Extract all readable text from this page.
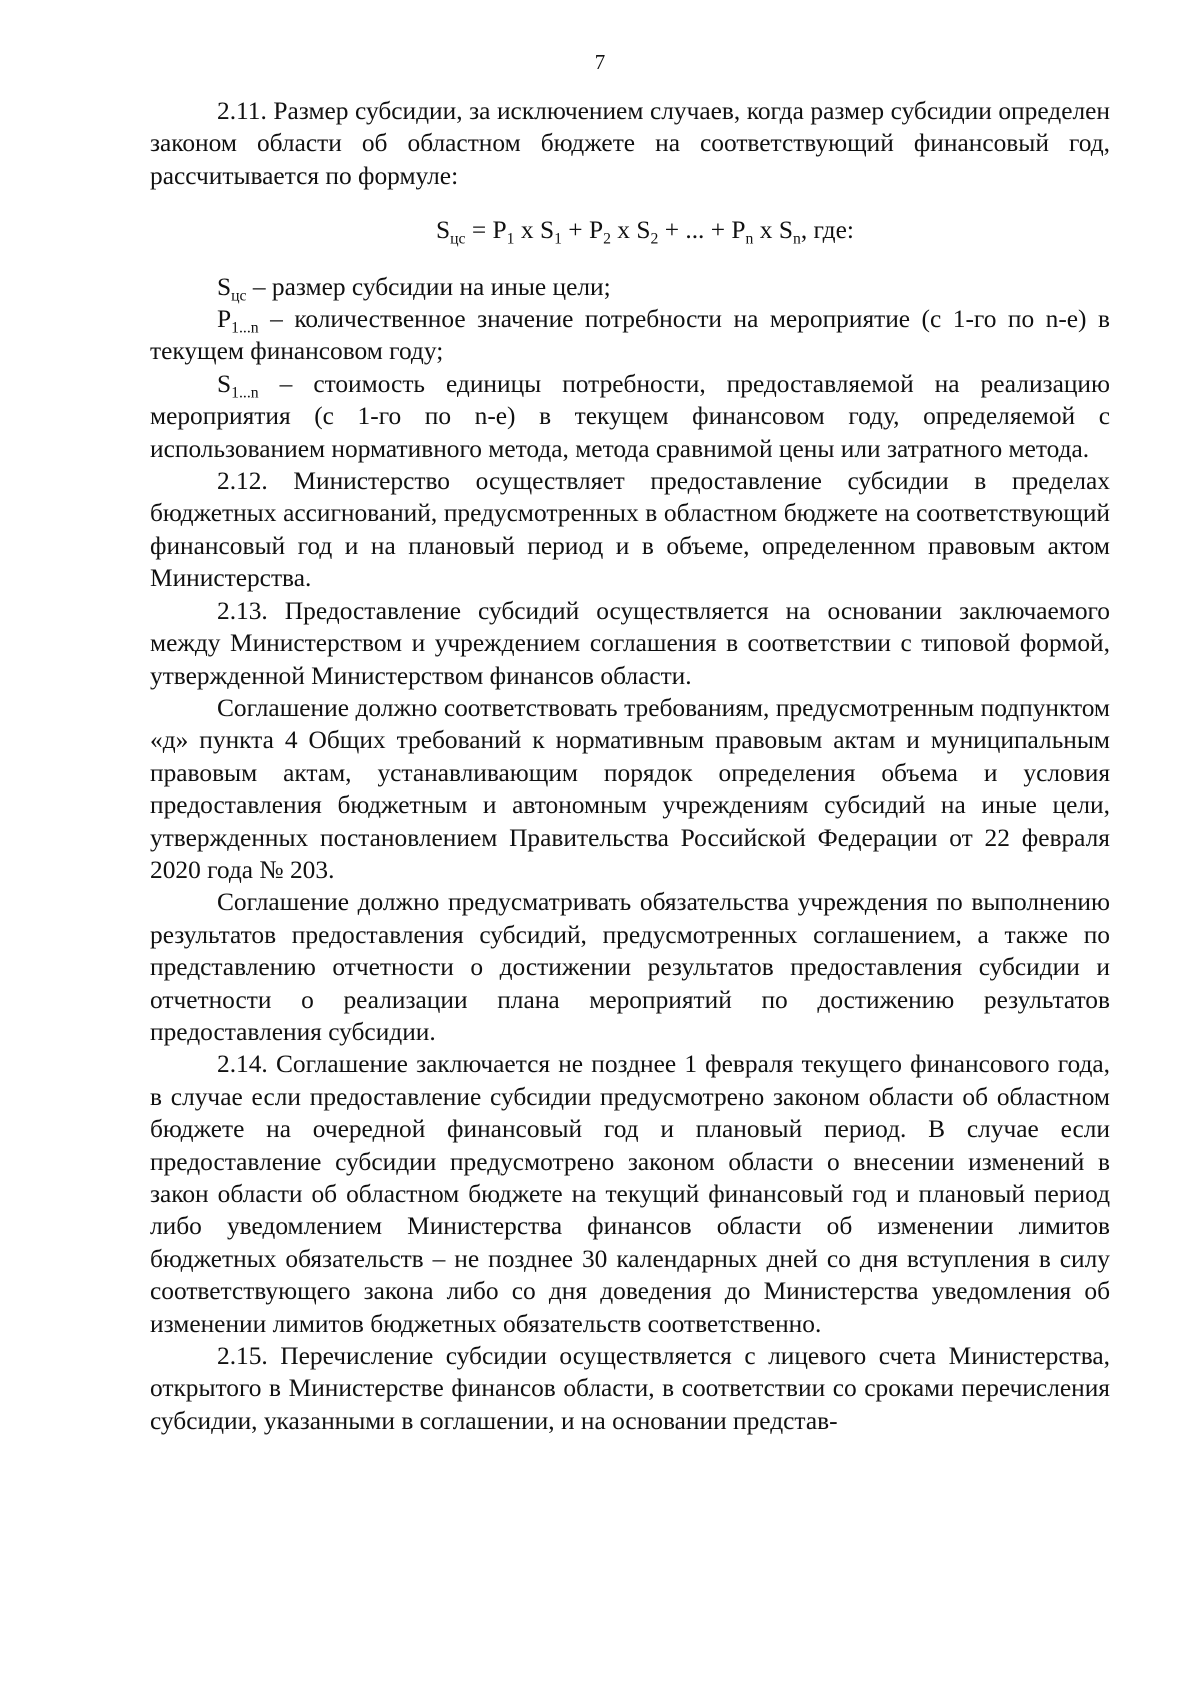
7

2.11. Размер субсидии, за исключением случаев, когда размер субсидии определен законом области об областном бюджете на соответствующий финансовый год, рассчитывается по формуле:

$S_{цс} = P_1$ x $S_1 + P_2$ x $S_2$ + ... + $P_n$ x $S_n$, где:

$S_{цс}$ – размер субсидии на иные цели;

$P_{1...n}$ – количественное значение потребности на мероприятие (с 1-го по n-е) в текущем финансовом году;

$S_{1...n}$ – стоимость единицы потребности, предоставляемой на реализацию мероприятия (с 1-го по n-е) в текущем финансовом году, определяемой с использованием нормативного метода, метода сравнимой цены или затратного метода.

2.12. Министерство осуществляет предоставление субсидии в пределах бюджетных ассигнований, предусмотренных в областном бюджете на соответствующий финансовый год и на плановый период и в объеме, определенном правовым актом Министерства.

2.13. Предоставление субсидий осуществляется на основании заключаемого между Министерством и учреждением соглашения в соответствии с типовой формой, утвержденной Министерством финансов области.

Соглашение должно соответствовать требованиям, предусмотренным подпунктом «д» пункта 4 Общих требований к нормативным правовым актам и муниципальным правовым актам, устанавливающим порядок определения объема и условия предоставления бюджетным и автономным учреждениям субсидий на иные цели, утвержденных постановлением Правительства Российской Федерации от 22 февраля 2020 года № 203.

Соглашение должно предусматривать обязательства учреждения по выполнению результатов предоставления субсидий, предусмотренных соглашением, а также по представлению отчетности о достижении результатов предоставления субсидии и отчетности о реализации плана мероприятий по достижению результатов предоставления субсидии.

2.14. Соглашение заключается не позднее 1 февраля текущего финансового года, в случае если предоставление субсидии предусмотрено законом области об областном бюджете на очередной финансовый год и плановый период. В случае если предоставление субсидии предусмотрено законом области о внесении изменений в закон области об областном бюджете на текущий финансовый год и плановый период либо уведомлением Министерства финансов области об изменении лимитов бюджетных обязательств – не позднее 30 календарных дней со дня вступления в силу соответствующего закона либо со дня доведения до Министерства уведомления об изменении лимитов бюджетных обязательств соответственно.

2.15. Перечисление субсидии осуществляется с лицевого счета Министерства, открытого в Министерстве финансов области, в соответствии со сроками перечисления субсидии, указанными в соглашении, и на основании представ-
